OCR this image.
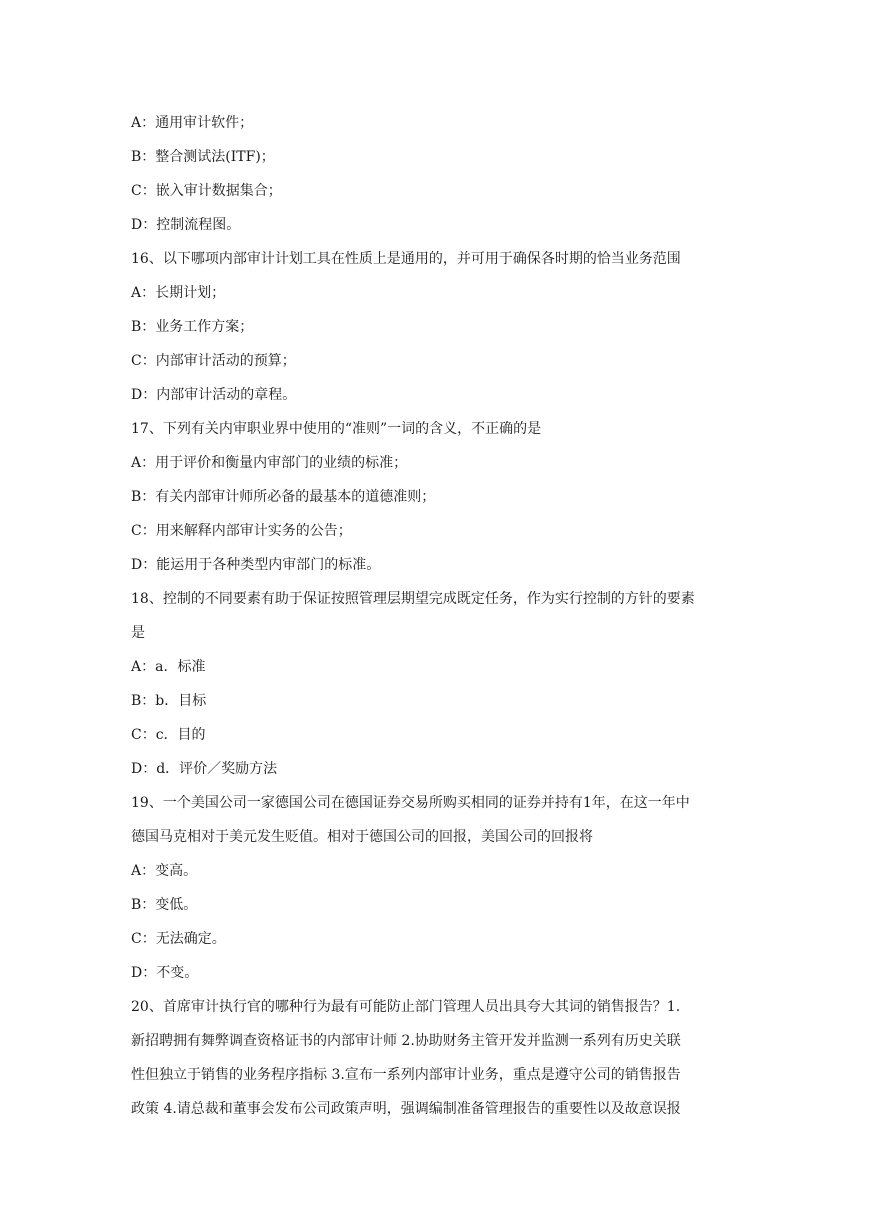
A：通用审计软件；
B：整合测试法(ITF)；
C：嵌入审计数据集合；
D：控制流程图。
16、以下哪项内部审计计划工具在性质上是通用的，并可用于确保各时期的恰当业务范围
A：长期计划；
B：业务工作方案；
C：内部审计活动的预算；
D：内部审计活动的章程。
17、下列有关内审职业界中使用的“准则”一词的含义，不正确的是
A：用于评价和衡量内审部门的业绩的标准；
B：有关内部审计师所必备的最基本的道德准则；
C：用来解释内部审计实务的公告；
D：能运用于各种类型内审部门的标准。
18、控制的不同要素有助于保证按照管理层期望完成既定任务，作为实行控制的方针的要素
是
A：a．标准
B：b．目标
C：c．目的
D：d．评价／奖励方法
19、一个美国公司一家德国公司在德国证券交易所购买相同的证券并持有1年，在这一年中
德国马克相对于美元发生贬值。相对于德国公司的回报，美国公司的回报将
A：变高。
B：变低。
C：无法确定。
D：不变。
20、首席审计执行官的哪种行为最有可能防止部门管理人员出具夸大其词的销售报告？1.
新招聘拥有舞弊调查资格证书的内部审计师 2.协助财务主管开发并监测一系列有历史关联
性但独立于销售的业务程序指标 3.宣布一系列内部审计业务，重点是遵守公司的销售报告
政策 4.请总裁和董事会发布公司政策声明，强调编制准备管理报告的重要性以及故意误报
